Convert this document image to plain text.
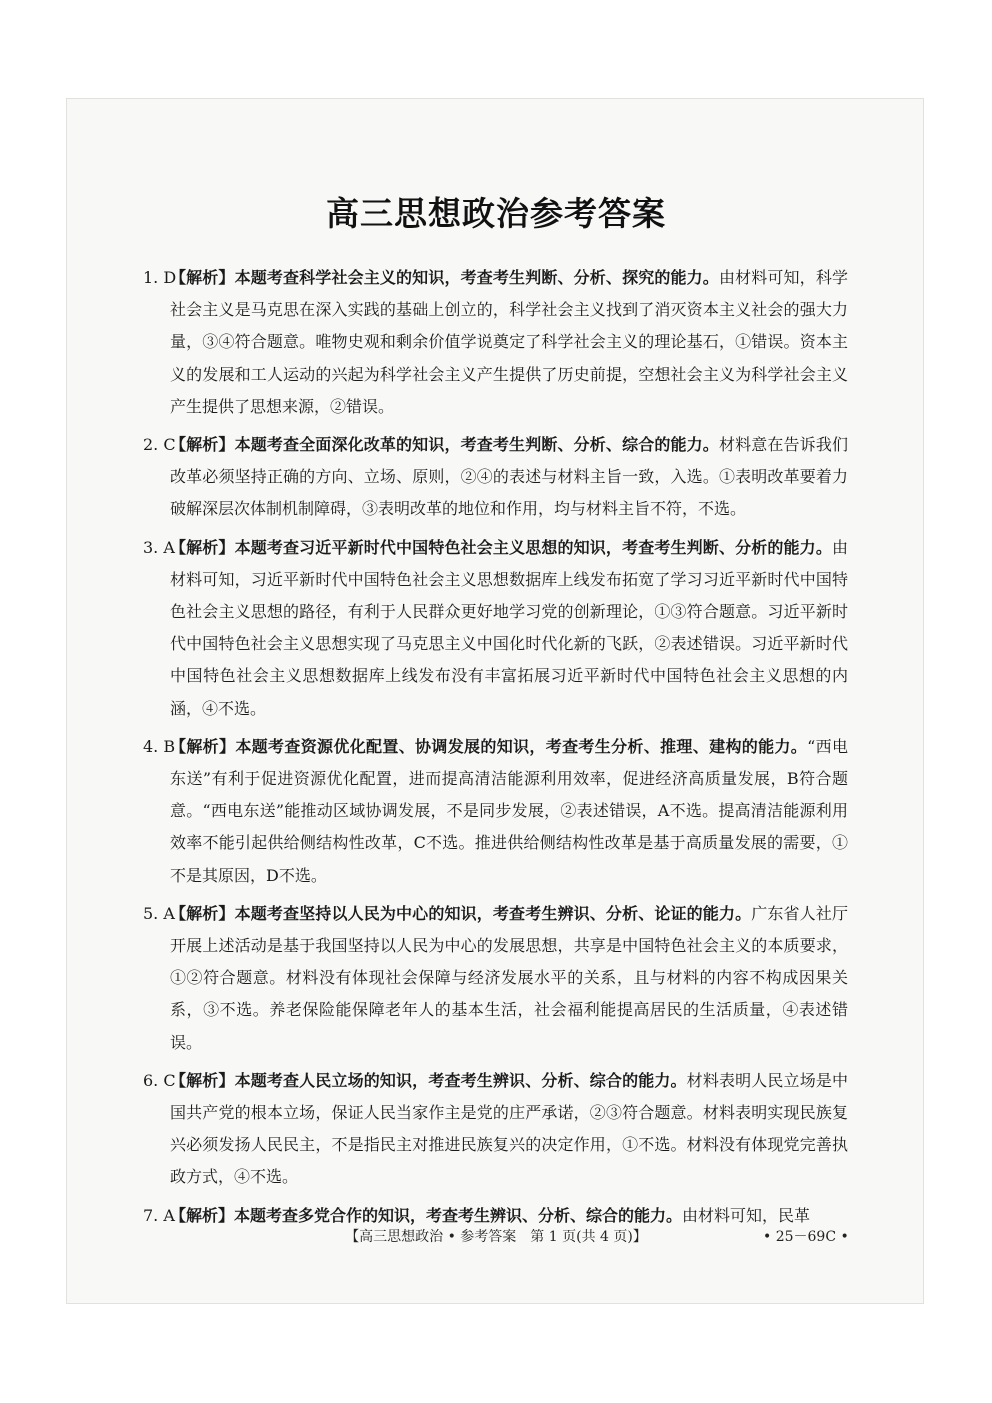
高三思想政治参考答案
1. D
【解析】本题考查科学社会主义的知识，考查考生判断、分析、探究的能力。由材料可知，科学社会主义是马克思在深入实践的基础上创立的，科学社会主义找到了消灭资本主义社会的强大力量，③④符合题意。唯物史观和剩余价值学说奠定了科学社会主义的理论基石，①错误。资本主义的发展和工人运动的兴起为科学社会主义产生提供了历史前提，空想社会主义为科学社会主义产生提供了思想来源，②错误。
2. C
【解析】本题考查全面深化改革的知识，考查考生判断、分析、综合的能力。材料意在告诉我们改革必须坚持正确的方向、立场、原则，②④的表述与材料主旨一致，入选。①表明改革要着力破解深层次体制机制障碍，③表明改革的地位和作用，均与材料主旨不符，不选。
3. A
【解析】本题考查习近平新时代中国特色社会主义思想的知识，考查考生判断、分析的能力。由材料可知，习近平新时代中国特色社会主义思想数据库上线发布拓宽了学习习近平新时代中国特色社会主义思想的路径，有利于人民群众更好地学习党的创新理论，①③符合题意。习近平新时代中国特色社会主义思想实现了马克思主义中国化时代化新的飞跃，②表述错误。习近平新时代中国特色社会主义思想数据库上线发布没有丰富拓展习近平新时代中国特色社会主义思想的内涵，④不选。
4. B
【解析】本题考查资源优化配置、协调发展的知识，考查考生分析、推理、建构的能力。“西电东送”有利于促进资源优化配置，进而提高清洁能源利用效率，促进经济高质量发展，B符合题意。“西电东送”能推动区域协调发展，不是同步发展，②表述错误，A不选。提高清洁能源利用效率不能引起供给侧结构性改革，C不选。推进供给侧结构性改革是基于高质量发展的需要，①不是其原因，D不选。
5. A
【解析】本题考查坚持以人民为中心的知识，考查考生辨识、分析、论证的能力。广东省人社厅开展上述活动是基于我国坚持以人民为中心的发展思想，共享是中国特色社会主义的本质要求，①②符合题意。材料没有体现社会保障与经济发展水平的关系，且与材料的内容不构成因果关系，③不选。养老保险能保障老年人的基本生活，社会福利能提高居民的生活质量，④表述错误。
6. C
【解析】本题考查人民立场的知识，考查考生辨识、分析、综合的能力。材料表明人民立场是中国共产党的根本立场，保证人民当家作主是党的庄严承诺，②③符合题意。材料表明实现民族复兴必须发扬人民民主，不是指民主对推进民族复兴的决定作用，①不选。材料没有体现党完善执政方式，④不选。
7. A
【解析】本题考查多党合作的知识，考查考生辨识、分析、综合的能力。由材料可知，民革
【高三思想政治 • 参考答案　第 1 页(共 4 页)】	• 25－69C •
